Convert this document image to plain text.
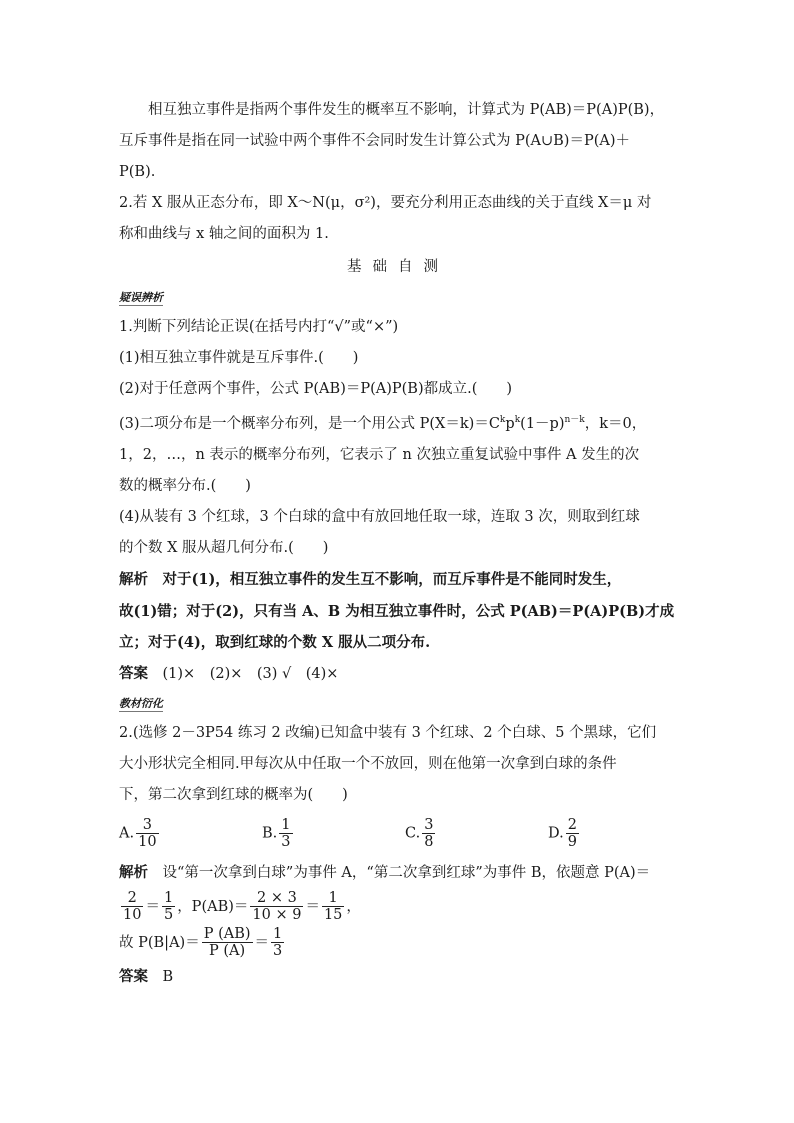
相互独立事件是指两个事件发生的概率互不影响，计算式为 P(AB)＝P(A)P(B)，

互斥事件是指在同一试验中两个事件不会同时发生计算公式为 P(A∪B)＝P(A)＋

P(B).

2.若 X 服从正态分布，即 X～N(μ，σ²)，要充分利用正态曲线的关于直线 X＝μ 对

称和曲线与 x 轴之间的面积为 1.

基础自测

疑误辨析

1.判断下列结论正误(在括号内打“√”或“×”)

(1)相互独立事件就是互斥事件.(　　)

(2)对于任意两个事件，公式 P(AB)＝P(A)P(B)都成立.(　　)

(3)二项分布是一个概率分布列，是一个用公式 $P(X=k)=C^kp^k(1-p)^{n-k}$，k＝0，

1，2，…，n 表示的概率分布列，它表示了 n 次独立重复试验中事件 A 发生的次

数的概率分布.(　　)

(4)从装有 3 个红球，3 个白球的盒中有放回地任取一球，连取 3 次，则取到红球

的个数 X 服从超几何分布.(　　)

解析　对于(1)，相互独立事件的发生互不影响，而互斥事件是不能同时发生，

故(1)错；对于(2)，只有当 A、B 为相互独立事件时，公式 P(AB)＝P(A)P(B)才成

立；对于(4)，取到红球的个数 X 服从二项分布.

答案　(1)×　(2)×　(3) √　(4)×

教材衍化

2.(选修 2－3P54 练习 2 改编)已知盒中装有 3 个红球、2 个白球、5 个黑球，它们

大小形状完全相同.甲每次从中任取一个不放回，则在他第一次拿到白球的条件

下，第二次拿到红球的概率为(　　)

A. $\frac{3}{10}$	B. $\frac{1}{3}$	C. $\frac{3}{8}$	D. $\frac{2}{9}$

解析　设“第一次拿到白球”为事件 A，“第二次拿到红球”为事件 B，依题意 P(A)＝

$\frac{2}{10} = \frac{1}{5}$ ，$P(AB)= \frac{2 \times 3}{10 \times 9} = \frac{1}{15}$ ，

故 $P(B|A)= \frac{P (AB)}{P (A)} = \frac{1}{3}$

答案　B
